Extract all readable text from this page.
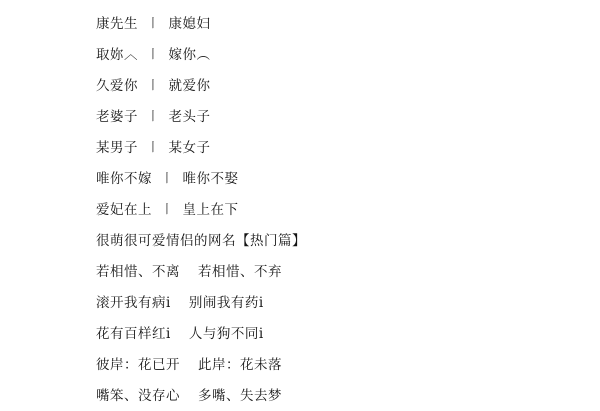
康先生 丨 康媳妇
取妳︿ 丨 嫁你︵
久爱你 丨 就爱你
老婆子 丨 老头子
某男子 丨 某女子
唯你不嫁 丨 唯你不娶
爱妃在上 丨 皇上在下
很萌很可爱情侣的网名【热门篇】
若相惜、不离 若相惜、不弃
滚开我有病ⅰ 别闹我有药ⅰ
花有百样红ⅰ 人与狗不同ⅰ
彼岸：花已开 此岸：花未落
嘴笨、没存心 多嘴、失去梦
